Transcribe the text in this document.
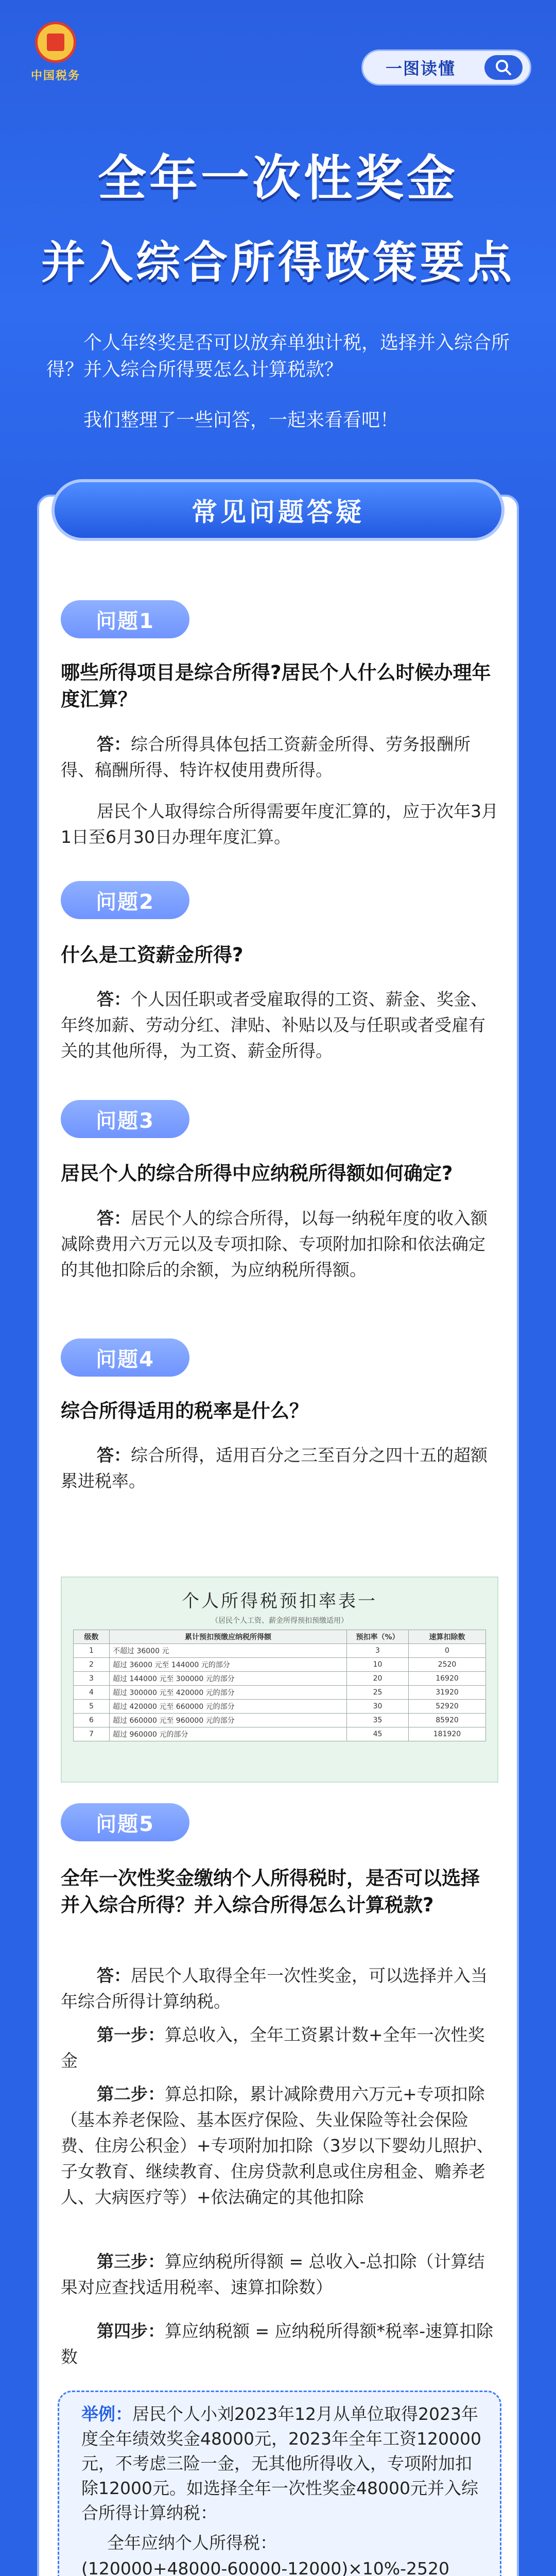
中国税务	一图读懂
全年一次性奖金
并入综合所得政策要点
个人年终奖是否可以放弃单独计税，选择并入综合所得？并入综合所得要怎么计算税款？
我们整理了一些问答，一起来看看吧！
常见问题答疑
问题1
哪些所得项目是综合所得?居民个人什么时候办理年度汇算？
答：综合所得具体包括工资薪金所得、劳务报酬所得、稿酬所得、特许权使用费所得。
居民个人取得综合所得需要年度汇算的，应于次年3月1日至6月30日办理年度汇算。
问题2
什么是工资薪金所得?
答：个人因任职或者受雇取得的工资、薪金、奖金、年终加薪、劳动分红、津贴、补贴以及与任职或者受雇有关的其他所得，为工资、薪金所得。
问题3
居民个人的综合所得中应纳税所得额如何确定?
答：居民个人的综合所得，以每一纳税年度的收入额减除费用六万元以及专项扣除、专项附加扣除和依法确定的其他扣除后的余额，为应纳税所得额。
问题4
综合所得适用的税率是什么？
答：综合所得，适用百分之三至百分之四十五的超额累进税率。
个人所得税预扣率表一
（居民个人工资、薪金所得预扣预缴适用）
级数	累计预扣预缴应纳税所得额	预扣率（%）	速算扣除数
1	不超过 36000 元	3	0
2	超过 36000 元至 144000 元的部分	10	2520
3	超过 144000 元至 300000 元的部分	20	16920
4	超过 300000 元至 420000 元的部分	25	31920
5	超过 420000 元至 660000 元的部分	30	52920
6	超过 660000 元至 960000 元的部分	35	85920
7	超过 960000 元的部分	45	181920
问题5
全年一次性奖金缴纳个人所得税时，是否可以选择并入综合所得？并入综合所得怎么计算税款?
答：居民个人取得全年一次性奖金，可以选择并入当年综合所得计算纳税。
第一步：算总收入，全年工资累计数+全年一次性奖金
第二步：算总扣除，累计减除费用六万元+专项扣除（基本养老保险、基本医疗保险、失业保险等社会保险费、住房公积金）+专项附加扣除（3岁以下婴幼儿照护、子女教育、继续教育、住房贷款利息或住房租金、赡养老人、大病医疗等）+依法确定的其他扣除
第三步：算应纳税所得额 = 总收入-总扣除（计算结果对应查找适用税率、速算扣除数）
第四步：算应纳税额 = 应纳税所得额*税率-速算扣除数
举例：居民个人小刘2023年12月从单位取得2023年度全年绩效奖金48000元，2023年全年工资120000元，不考虑三险一金，无其他所得收入，专项附加扣除12000元。如选择全年一次性奖金48000元并入综合所得计算纳税：
全年应纳个人所得税：
(120000+48000-60000-12000)×10%-2520
